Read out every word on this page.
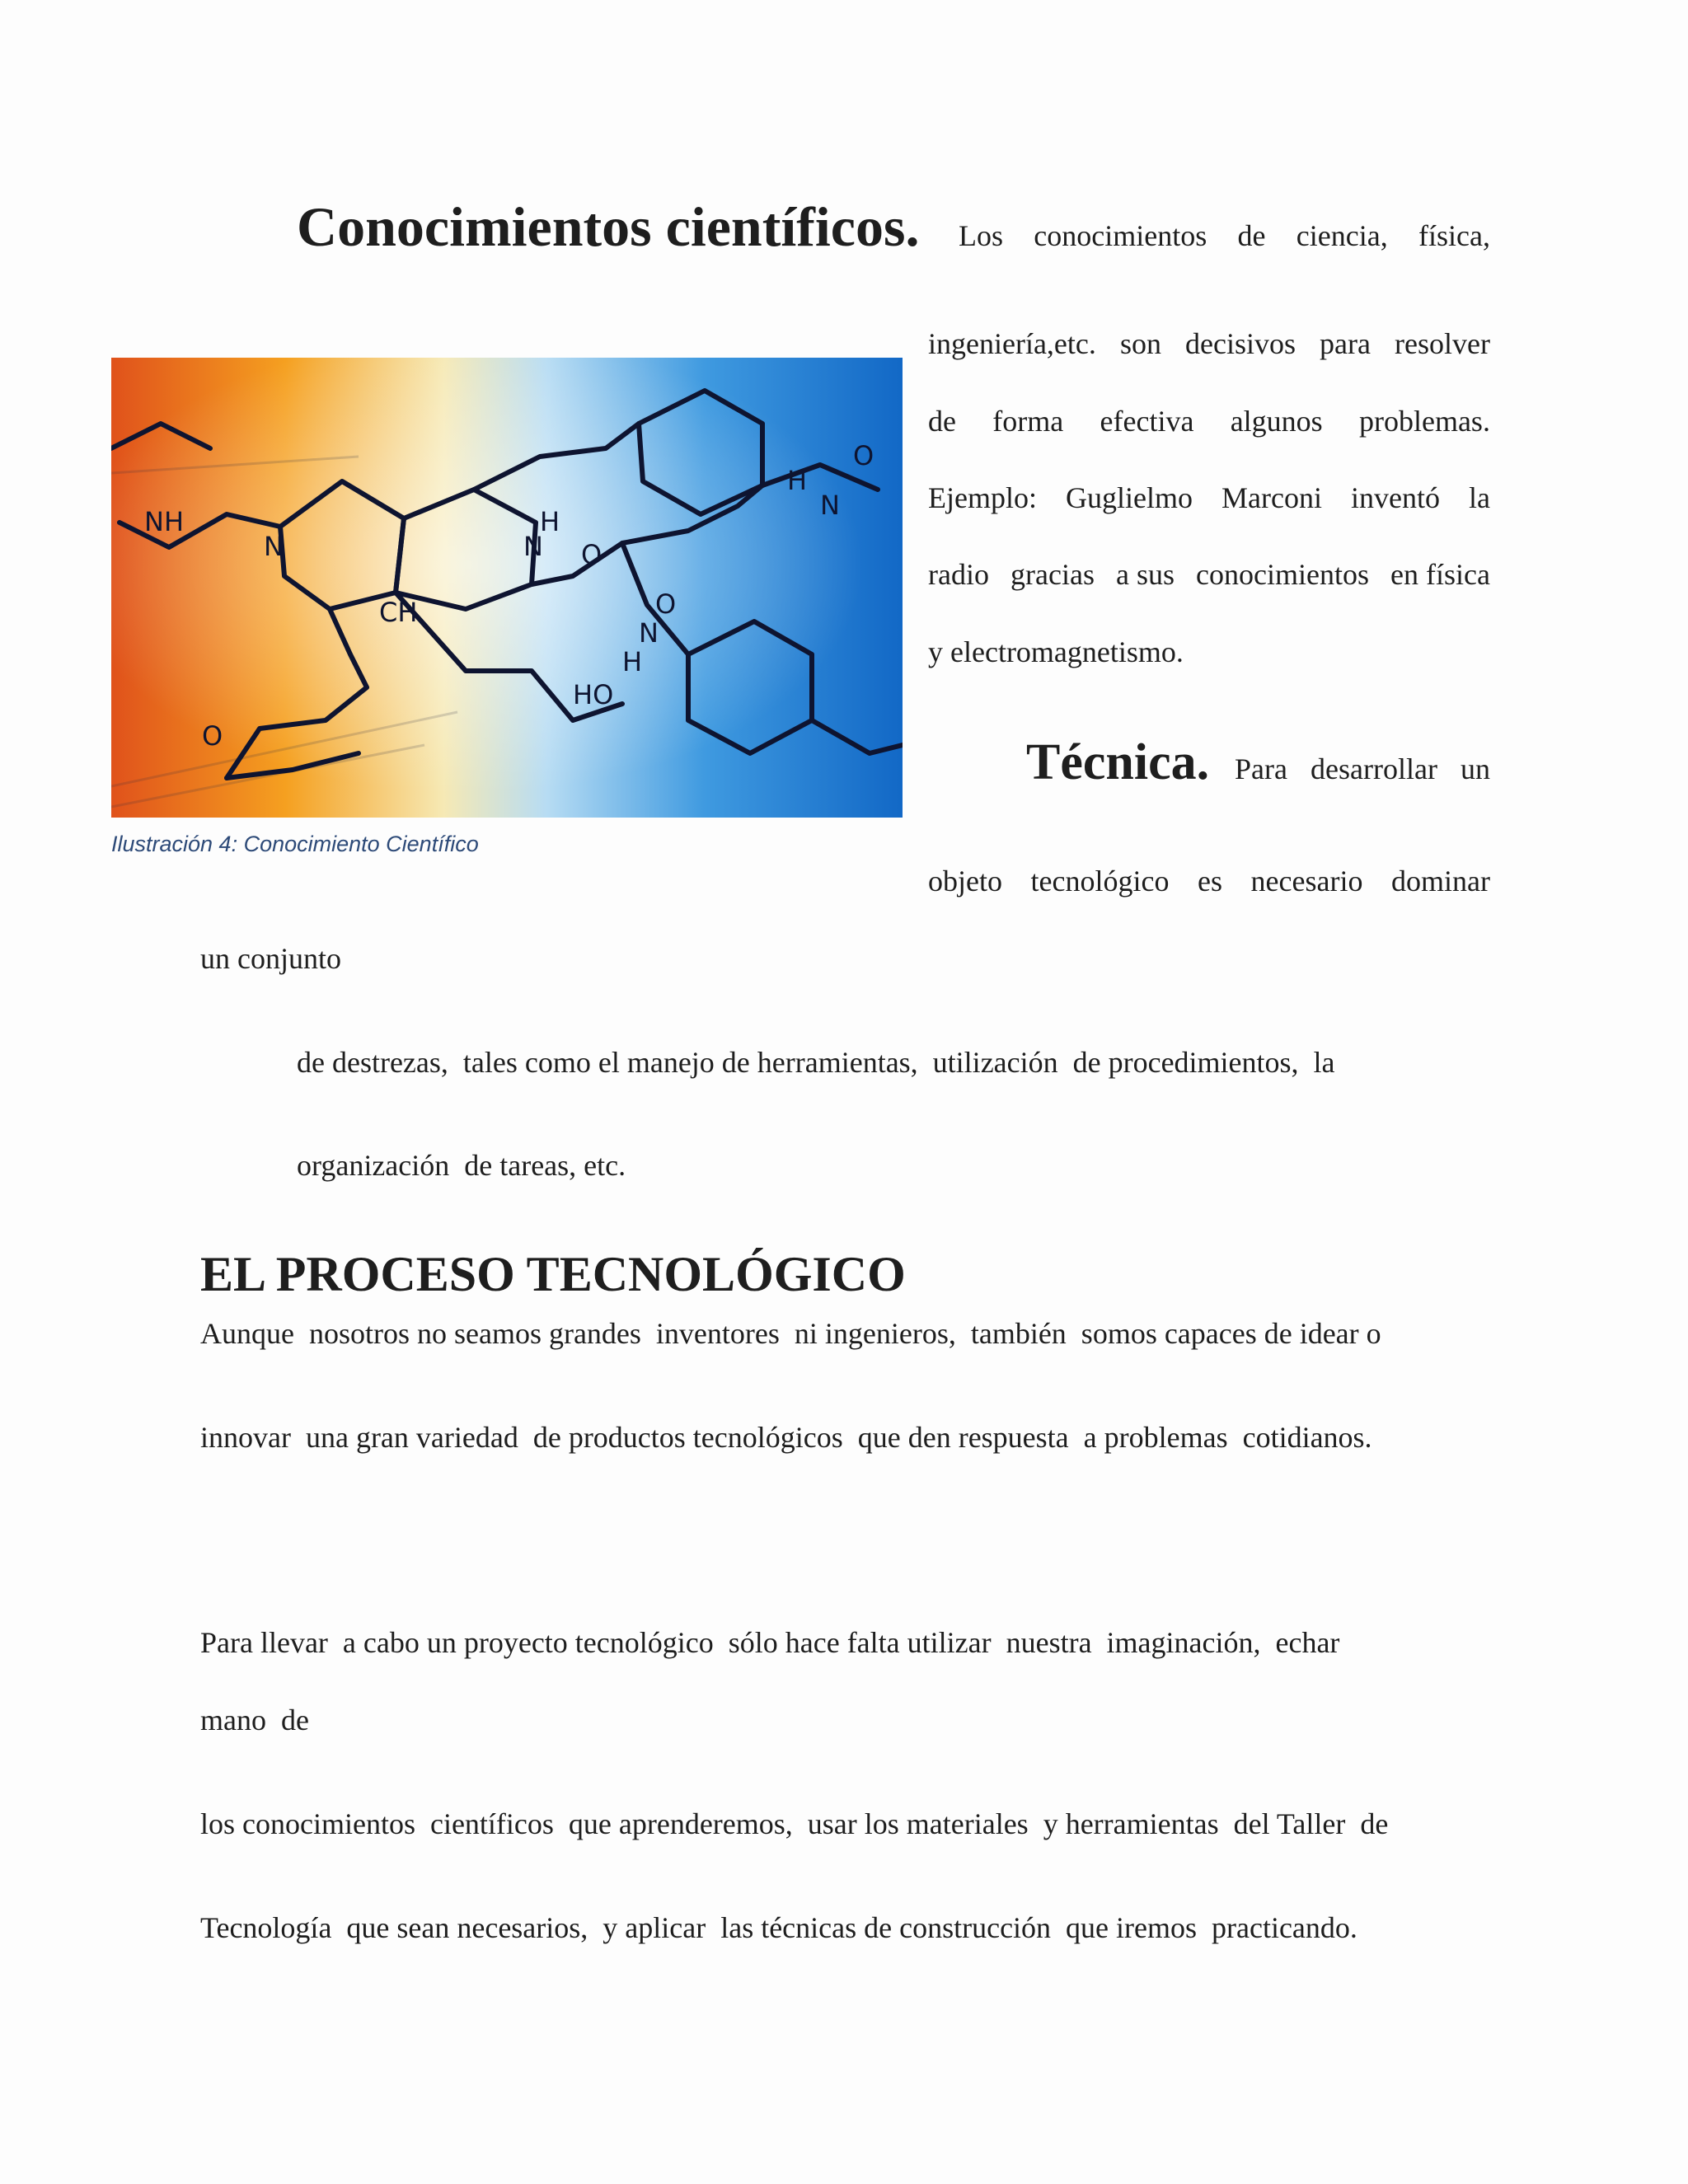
Conocimientos científicos. Los conocimientos de ciencia, física,
N	N
H
O
O
H
N
O
HO
H
N
O
CH
NH
Ilustración 4: Conocimiento Científico
ingeniería,etc. son decisivos para resolver
de forma efectiva algunos problemas.
Ejemplo: Guglielmo Marconi inventó la
radio gracias a sus conocimientos en física
y electromagnetismo.
Técnica. Para desarrollar un
objeto tecnológico es necesario dominar
un conjunto
de destrezas,  tales como el manejo de herramientas,  utilización  de procedimientos,  la
organización  de tareas, etc.
EL PROCESO TECNOLÓGICO
Aunque  nosotros no seamos grandes  inventores  ni ingenieros,  también  somos capaces de idear o
innovar  una gran variedad  de productos tecnológicos  que den respuesta  a problemas  cotidianos.
Para llevar  a cabo un proyecto tecnológico  sólo hace falta utilizar  nuestra  imaginación,  echar
mano  de
los conocimientos  científicos  que aprenderemos,  usar los materiales  y herramientas  del Taller  de
Tecnología  que sean necesarios,  y aplicar  las técnicas de construcción  que iremos  practicando.
